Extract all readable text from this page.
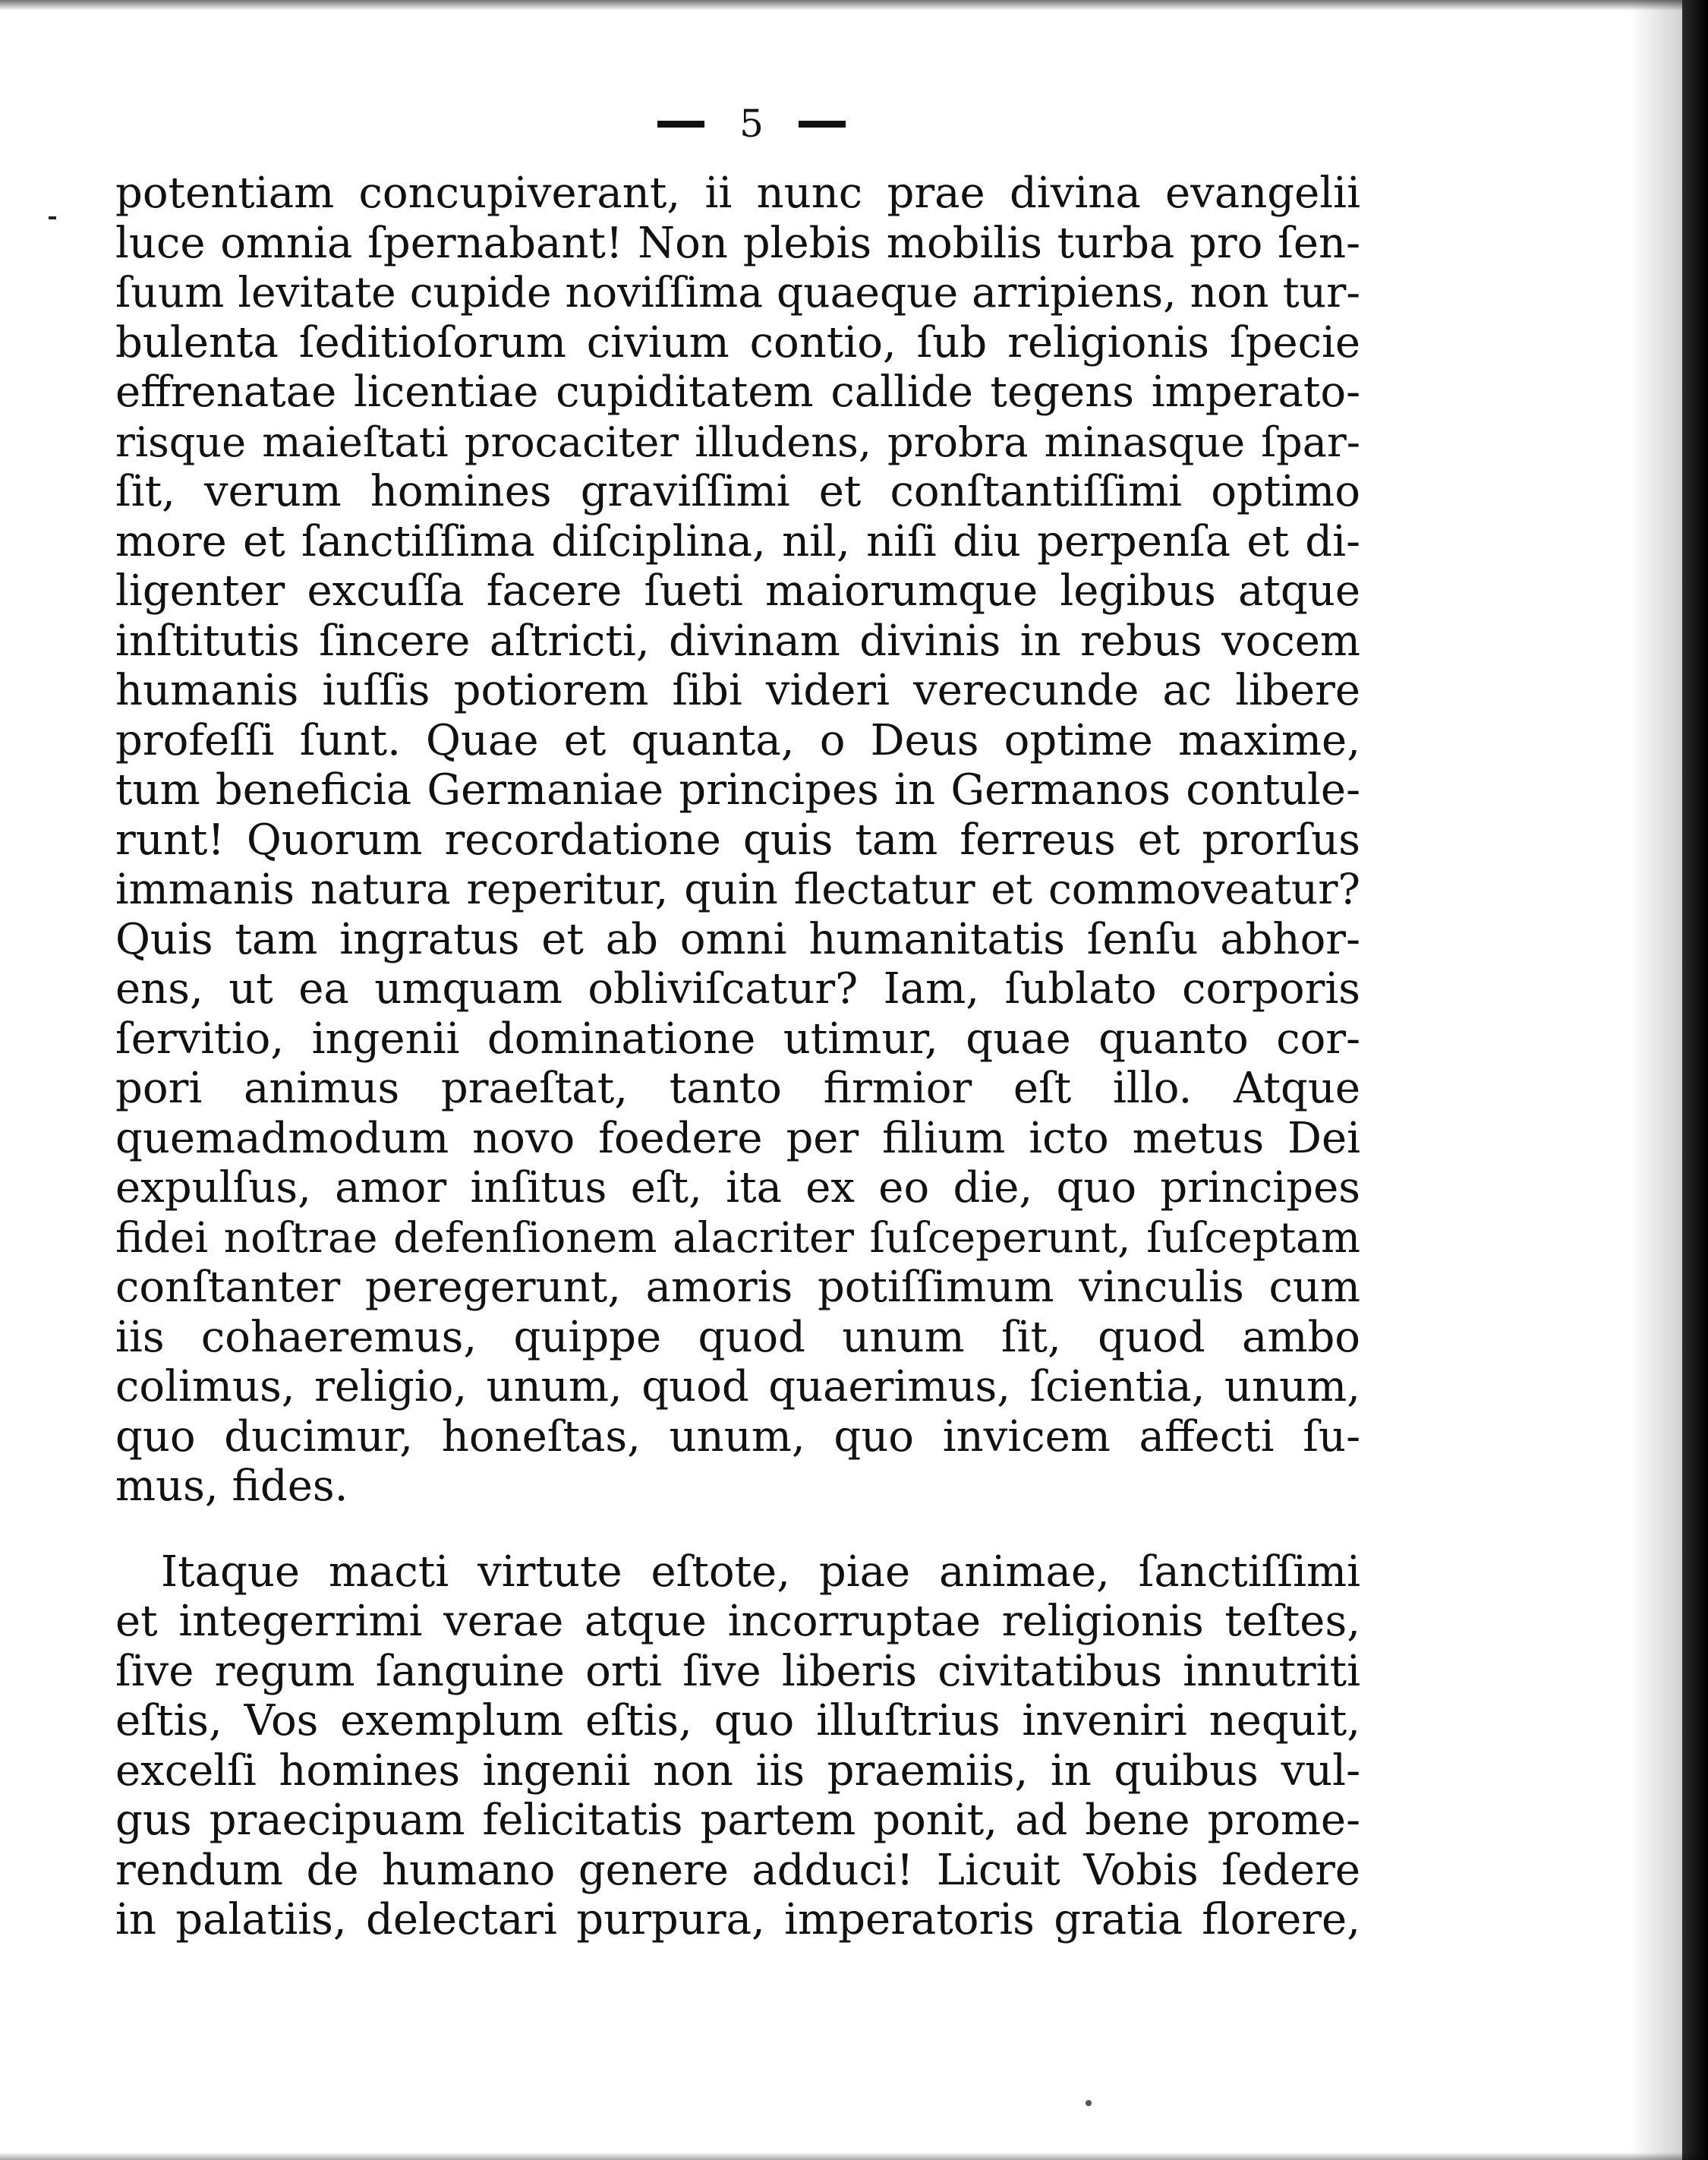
5
potentiam concupiverant, ii nunc prae divina evangelii
luce omnia ſpernabant! Non plebis mobilis turba pro ſen-
ſuum levitate cupide noviſſima quaeque arripiens, non tur-
bulenta ſeditioſorum civium contio, ſub religionis ſpecie
effrenatae licentiae cupiditatem callide tegens imperato-
risque maieſtati procaciter illudens, probra minasque ſpar-
ſit, verum homines graviſſimi et conſtantiſſimi optimo
more et ſanctiſſima diſciplina, nil, niſi diu perpenſa et di-
ligenter excuſſa facere ſueti maiorumque legibus atque
inſtitutis ſincere aſtricti, divinam divinis in rebus vocem
humanis iuſſis potiorem ſibi videri verecunde ac libere
profeſſi ſunt. Quae et quanta, o Deus optime maxime,
tum beneficia Germaniae principes in Germanos contule-
runt! Quorum recordatione quis tam ferreus et prorſus
immanis natura reperitur, quin flectatur et commoveatur?
Quis tam ingratus et ab omni humanitatis ſenſu abhor-
ens, ut ea umquam obliviſcatur? Iam, ſublato corporis
ſervitio, ingenii dominatione utimur, quae quanto cor-
pori animus praeſtat, tanto firmior eſt illo. Atque
quemadmodum novo foedere per filium icto metus Dei
expulſus, amor inſitus eſt, ita ex eo die, quo principes
fidei noſtrae defenſionem alacriter ſuſceperunt, ſuſceptam
conſtanter peregerunt, amoris potiſſimum vinculis cum
iis cohaeremus, quippe quod unum ſit, quod ambo
colimus, religio, unum, quod quaerimus, ſcientia, unum,
quo ducimur, honeſtas, unum, quo invicem affecti ſu-
mus, fides.
Itaque macti virtute eſtote, piae animae, ſanctiſſimi
et integerrimi verae atque incorruptae religionis teſtes,
ſive regum ſanguine orti ſive liberis civitatibus innutriti
eſtis, Vos exemplum eſtis, quo illuſtrius inveniri nequit,
excelſi homines ingenii non iis praemiis, in quibus vul-
gus praecipuam felicitatis partem ponit, ad bene prome-
rendum de humano genere adduci! Licuit Vobis ſedere
in palatiis, delectari purpura, imperatoris gratia florere,
